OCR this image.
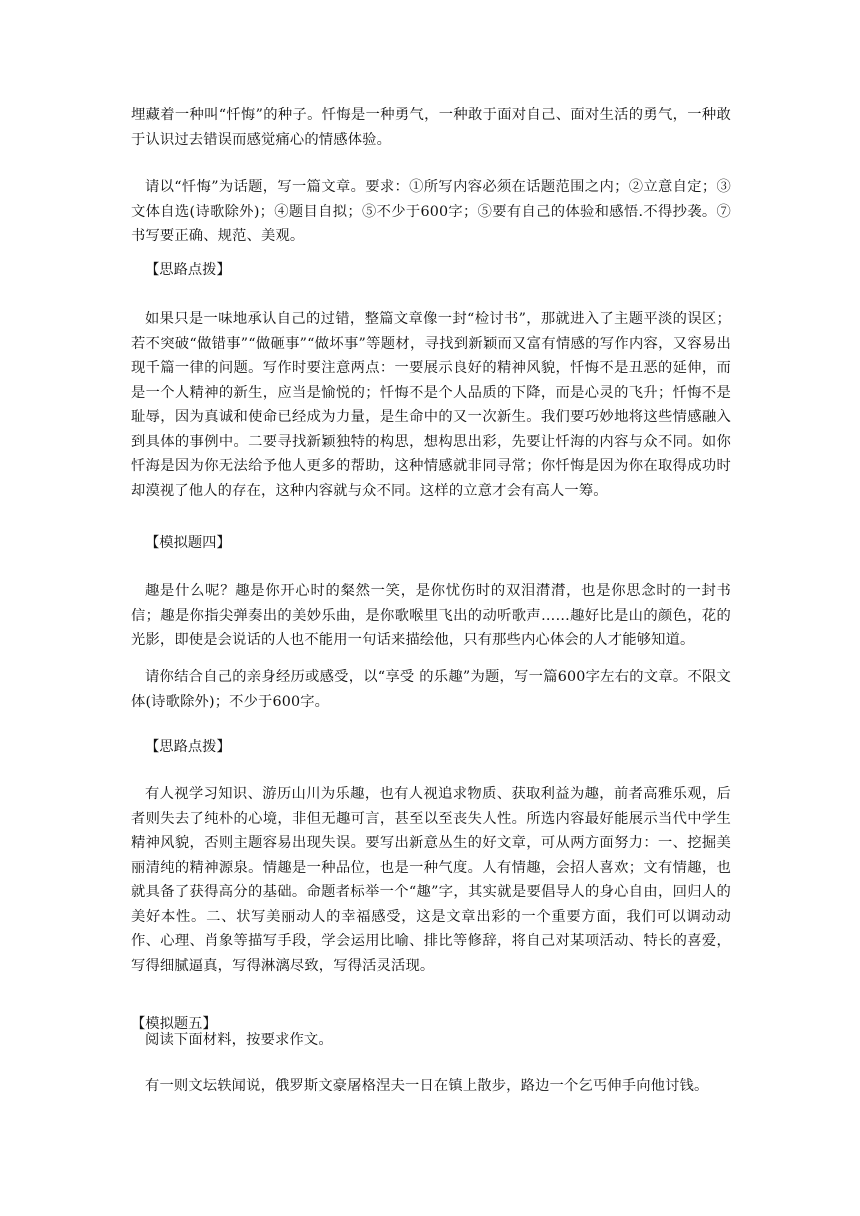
埋藏着一种叫“忏悔”的种子。忏悔是一种勇气，一种敢于面对自己、面对生活的勇气，一种敢于认识过去错误而感觉痛心的情感体验。

请以“忏悔”为话题，写一篇文章。要求：①所写内容必须在话题范围之内；②立意自定；③文体自选(诗歌除外)；④题目自拟；⑤不少于600字；⑤要有自己的体验和感悟.不得抄袭。⑦书写要正确、规范、美观。

【思路点拨】

如果只是一味地承认自己的过错，整篇文章像一封“检讨书”，那就进入了主题平淡的误区；若不突破“做错事”“做砸事”“做坏事”等题材，寻找到新颖而又富有情感的写作内容，又容易出现千篇一律的问题。写作时要注意两点：一要展示良好的精神风貌，忏悔不是丑恶的延伸，而是一个人精神的新生，应当是愉悦的；忏悔不是个人品质的下降，而是心灵的飞升；忏悔不是耻辱，因为真诚和使命已经成为力量，是生命中的又一次新生。我们要巧妙地将这些情感融入到具体的事例中。二要寻找新颖独特的构思，想构思出彩，先要让忏海的内容与众不同。如你忏海是因为你无法给予他人更多的帮助，这种情感就非同寻常；你忏悔是因为你在取得成功时却漠视了他人的存在，这种内容就与众不同。这样的立意才会有高人一筹。

【模拟题四】

趣是什么呢？趣是你开心时的粲然一笑，是你忧伤时的双泪潸潸，也是你思念时的一封书信；趣是你指尖弹奏出的美妙乐曲，是你歌喉里飞出的动听歌声……趣好比是山的颜色，花的光影，即使是会说话的人也不能用一句话来描绘他，只有那些内心体会的人才能够知道。

请你结合自己的亲身经历或感受，以“享受 的乐趣”为题，写一篇600字左右的文章。不限文体(诗歌除外)；不少于600字。

【思路点拨】

有人视学习知识、游历山川为乐趣，也有人视追求物质、获取利益为趣，前者高雅乐观，后者则失去了纯朴的心境，非但无趣可言，甚至以至丧失人性。所选内容最好能展示当代中学生精神风貌，否则主题容易出现失误。要写出新意丛生的好文章，可从两方面努力：一、挖掘美丽清纯的精神源泉。情趣是一种品位，也是一种气度。人有情趣，会招人喜欢；文有情趣，也就具备了获得高分的基础。命题者标举一个“趣”字，其实就是要倡导人的身心自由，回归人的美好本性。二、状写美丽动人的幸福感受，这是文章出彩的一个重要方面，我们可以调动动作、心理、肖象等描写手段，学会运用比喻、排比等修辞，将自己对某项活动、特长的喜爱，写得细腻逼真，写得淋漓尽致，写得活灵活现。

【模拟题五】

阅读下面材料，按要求作文。

有一则文坛轶闻说，俄罗斯文豪屠格涅夫一日在镇上散步，路边一个乞丐伸手向他讨钱。
